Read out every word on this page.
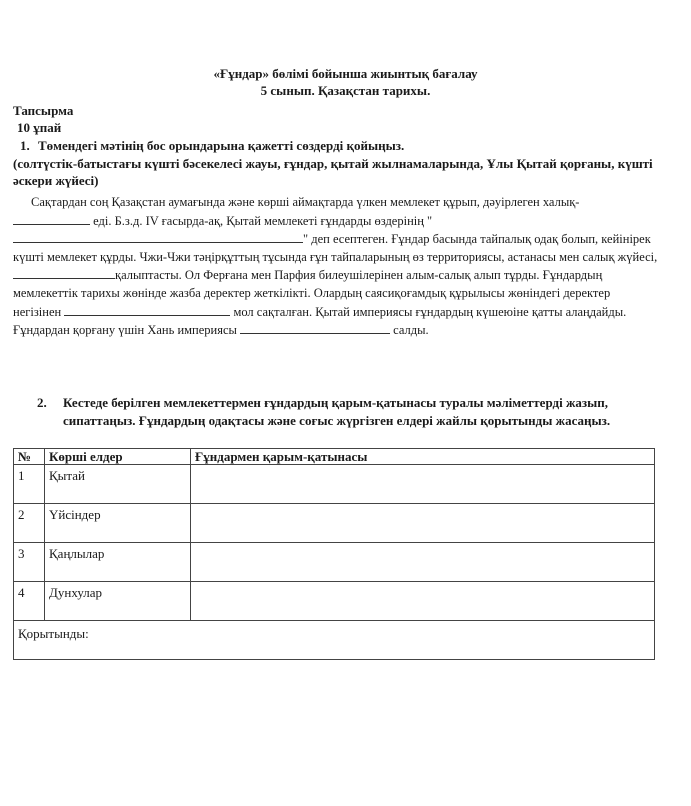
«Ғұндар» бөлімі бойынша жиынтық бағалау
5 сынып. Қазақстан тарихы.
Тапсырма
10 ұпай
1. Төмендегі мәтінің бос орындарына қажетті сөздерді қойыңыз.
(солтүстік-батыстағы күшті бәсекелесі жауы, ғұндар, қытай жылнамаларында, Ұлы Қытай қорғаны, күшті әскери жүйесі)

Сақтардан соң Қазақстан аумағында және көрші аймақтарда үлкен мемлекет құрып, дәуірлеген халық-  еді. Б.з.д. IV ғасырда-ақ, Қытай мемлекеті ғұндарды өздерінің "" деп есептеген. Ғұндар басында тайпалық одақ болып, кейінірек күшті мемлекет құрды. Чжи-Чжи тәңірқұттың тұсында ғұн тайпаларының өз территориясы, астанасы мен салық жүйесі, қалыптасты. Ол Ферғана мен Парфия билеушілерінен алым-салық алып тұрды. Ғұндардың мемлекеттік тарихы жөнінде жазба деректер жеткілікті. Олардың саясиқоғамдық құрылысы жөніндегі деректер негізінен	мол сақталған. Қытай империясы ғұндардың күшеюіне қатты алаңдайды. Ғұндардан қорғану үшін Хань империясы	салды.

2. Кестеде берілген мемлекеттермен ғұндардың қарым-қатынасы туралы мәліметтерді жазып, сипаттаңыз. Ғұндардың одақтасы және соғыс жүргізген елдері жайлы қорытынды жасаңыз.
№	Көрші елдер	Ғұндармен қарым-қатынасы
1	Қытай	
2	Үйсіндер	
3	Қаңлылар	
4	Дунхулар	
Қорытынды:		
